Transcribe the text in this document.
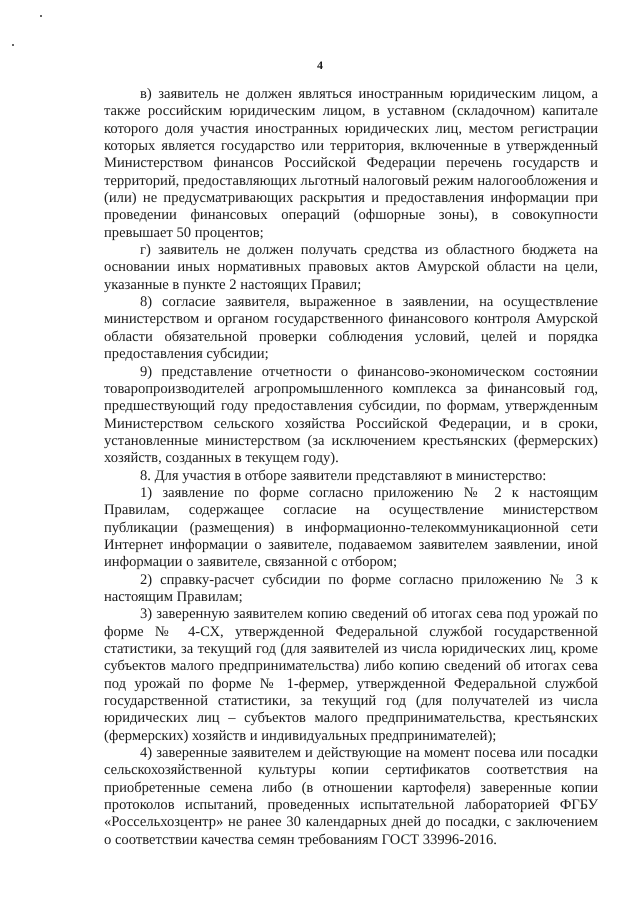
4

в) заявитель не должен являться иностранным юридическим лицом, а также российским юридическим лицом, в уставном (складочном) капитале которого доля участия иностранных юридических лиц, местом регистрации которых является государство или территория, включенные в утвержденный Министерством финансов Российской Федерации перечень государств и территорий, предоставляющих льготный налоговый режим налогообложения и (или) не предусматривающих раскрытия и предоставления информации при проведении финансовых операций (офшорные зоны), в совокупности превышает 50 процентов;

г) заявитель не должен получать средства из областного бюджета на основании иных нормативных правовых актов Амурской области на цели, указанные в пункте 2 настоящих Правил;

8) согласие заявителя, выраженное в заявлении, на осуществление министерством и органом государственного финансового контроля Амурской области обязательной проверки соблюдения условий, целей и порядка предоставления субсидии;

9) представление отчетности о финансово-экономическом состоянии товаропроизводителей агропромышленного комплекса за финансовый год, предшествующий году предоставления субсидии, по формам, утвержденным Министерством сельского хозяйства Российской Федерации, и в сроки, установленные министерством (за исключением крестьянских (фермерских) хозяйств, созданных в текущем году).

8. Для участия в отборе заявители представляют в министерство:

1) заявление по форме согласно приложению № 2 к настоящим Правилам, содержащее согласие на осуществление министерством публикации (размещения) в информационно-телекоммуникационной сети Интернет информации о заявителе, подаваемом заявителем заявлении, иной информации о заявителе, связанной с отбором;

2) справку-расчет субсидии по форме согласно приложению № 3 к настоящим Правилам;

3) заверенную заявителем копию сведений об итогах сева под урожай по форме № 4-СХ, утвержденной Федеральной службой государственной статистики, за текущий год (для заявителей из числа юридических лиц, кроме субъектов малого предпринимательства) либо копию сведений об итогах сева под урожай по форме № 1-фермер, утвержденной Федеральной службой государственной статистики, за текущий год (для получателей из числа юридических лиц – субъектов малого предпринимательства, крестьянских (фермерских) хозяйств и индивидуальных предпринимателей);

4) заверенные заявителем и действующие на момент посева или посадки сельскохозяйственной культуры копии сертификатов соответствия на приобретенные семена либо (в отношении картофеля) заверенные копии протоколов испытаний, проведенных испытательной лабораторией ФГБУ «Россельхозцентр» не ранее 30 календарных дней до посадки, с заключением о соответствии качества семян требованиям ГОСТ 33996-2016.
